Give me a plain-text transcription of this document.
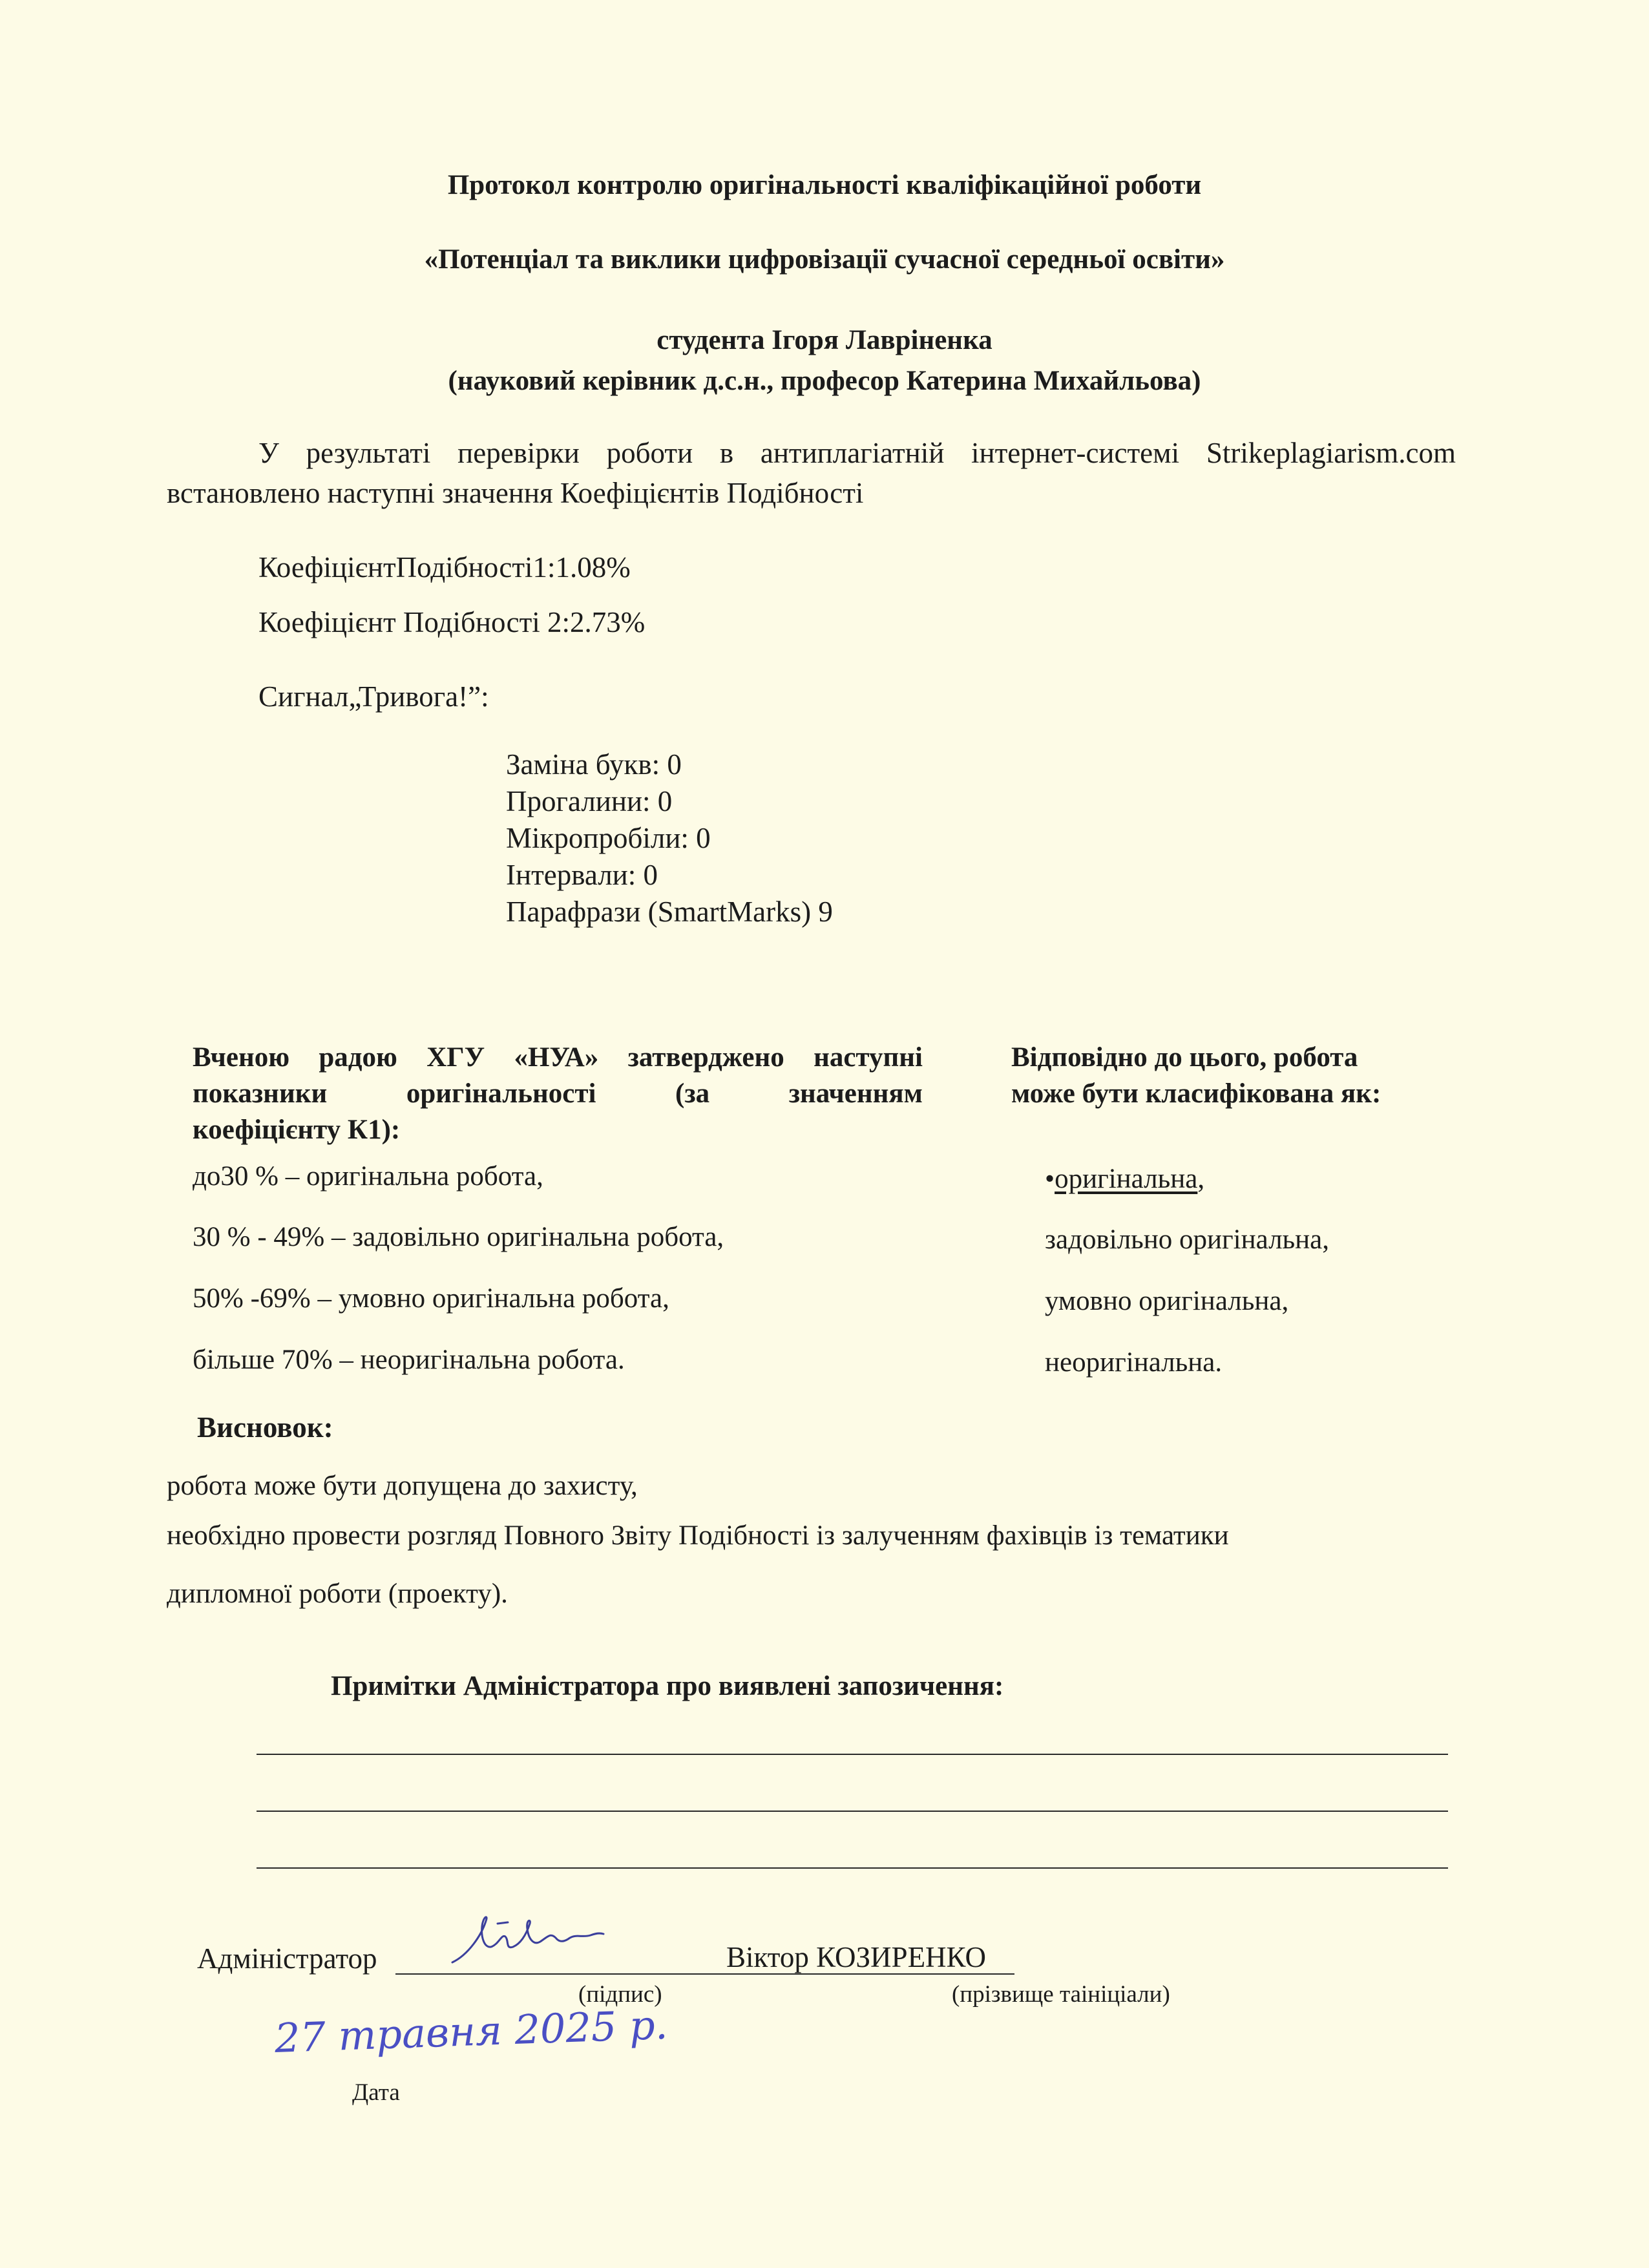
Протокол контролю оригінальності кваліфікаційної роботи
«Потенціал та виклики цифровізації сучасної середньої освіти»
студента Ігоря Лавріненка
(науковий керівник д.с.н., професор Катерина Михайльова)
У результаті перевірки роботи в антиплагіатній інтернет-системі Strikeplagiarism.com
встановлено наступні значення Коефіцієнтів Подібності
КоефіцієнтПодібності1:1.08%
Коефіцієнт Подібності 2:2.73%
Сигнал„Тривога!”:
Заміна букв: 0
Прогалини: 0
Мікропробіли: 0
Інтервали: 0
Парафрази (SmartMarks) 9
Вченою радою ХГУ «НУА» затверджено наступні
показники	оригінальності	(за	значенням
коефіцієнту К1):
до30 % – оригінальна робота,
30 % - 49% – задовільно оригінальна робота,
50% -69% – умовно оригінальна робота,
більше 70% – неоригінальна робота.
Відповідно до цього, робота
може бути класифікована як:
•оригінальна,
задовільно оригінальна,
умовно оригінальна,
неоригінальна.
Висновок:
робота може бути допущена до захисту,
необхідно провести розгляд Повного Звіту Подібності із залученням фахівців із тематики
дипломної роботи (проекту).
Примітки Адміністратора про виявлені запозичення:
Адміністратор	Віктор КОЗИРЕНКО
(підпис)	(прізвище таініціали)
27 травня 2025 р.
Дата
